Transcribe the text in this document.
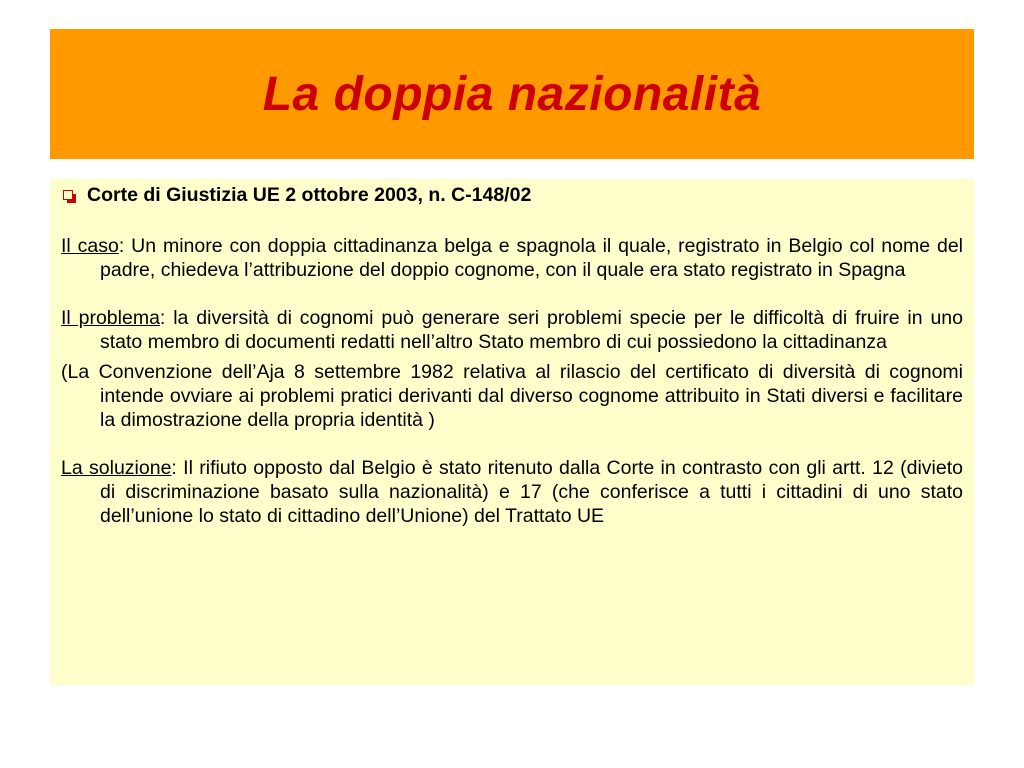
La doppia nazionalità
Corte di Giustizia UE 2 ottobre 2003, n. C-148/02

Il caso: Un minore con doppia cittadinanza belga e spagnola il quale, registrato in Belgio col nome del padre, chiedeva l’attribuzione del doppio cognome, con il quale era stato registrato in Spagna

Il problema: la diversità di cognomi può generare seri problemi specie per le difficoltà di fruire in uno stato membro di documenti redatti nell’altro Stato membro di cui possiedono la cittadinanza

(La Convenzione dell’Aja 8 settembre 1982 relativa al rilascio del certificato di diversità di cognomi intende ovviare ai problemi pratici derivanti dal diverso cognome attribuito in Stati diversi e facilitare la dimostrazione della propria identità )

La soluzione: Il rifiuto opposto dal Belgio è stato ritenuto dalla Corte in contrasto con gli artt. 12 (divieto di discriminazione basato sulla nazionalità) e 17 (che conferisce a tutti i cittadini di uno stato dell’unione lo stato di cittadino dell’Unione) del Trattato UE
